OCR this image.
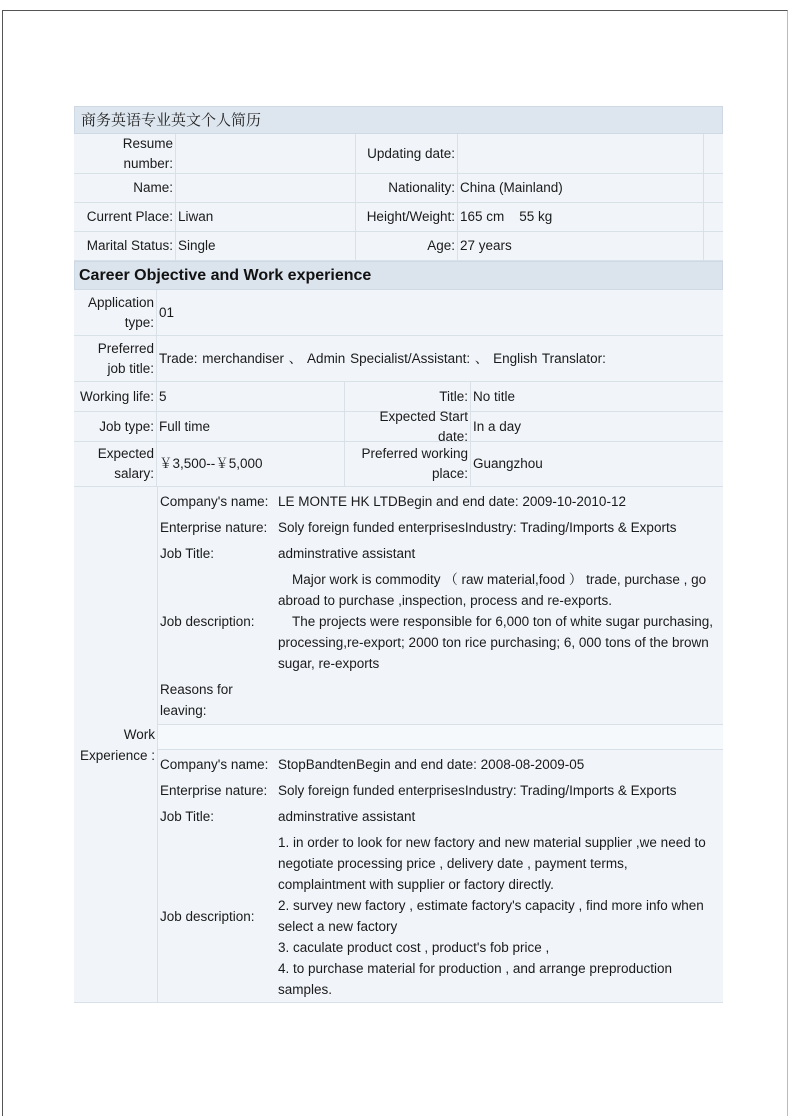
商务英语专业英文个人简历
Resume number:
Updating date:
Name:	Nationality: China (Mainland)
Current Place: Liwan	Height/Weight: 165 cm    55 kg
Marital Status: Single	Age: 27 years
Career Objective and Work experience
Application type:
01
Preferred job title:
Trade: merchandiser 、 Admin Specialist/Assistant: 、 English Translator:
Working life: 5	Title: No title
Job type: Full time
Expected Start date:
In a day
Expected salary:
￥3,500--￥5,000
Preferred working place:
Guangzhou
Work Experience :
Company's name: LE MONTE HK LTDBegin and end date: 2009-10-2010-12
Enterprise nature: Soly foreign funded enterprisesIndustry: Trading/Imports & Exports
Job Title:	adminstrative assistant
Job description:
Major work is commodity （ raw material,food ） trade, purchase , go abroad to purchase ,inspection, process and re-exports.
The projects were responsible for 6,000 ton of white sugar purchasing, processing,re-export; 2000 ton rice purchasing; 6, 000 tons of the brown sugar, re-exports
Reasons for leaving:
Company's name: StopBandtenBegin and end date: 2008-08-2009-05
Enterprise nature: Soly foreign funded enterprisesIndustry: Trading/Imports & Exports
Job Title:	adminstrative assistant
Job description:
1. in order to look for new factory and new material supplier ,we need to negotiate processing price , delivery date , payment terms, complaintment with supplier or factory directly.
2. survey new factory , estimate factory's capacity , find more info when select a new factory
3. caculate product cost , product's fob price ,
4. to purchase material for production , and arrange preproduction samples.
